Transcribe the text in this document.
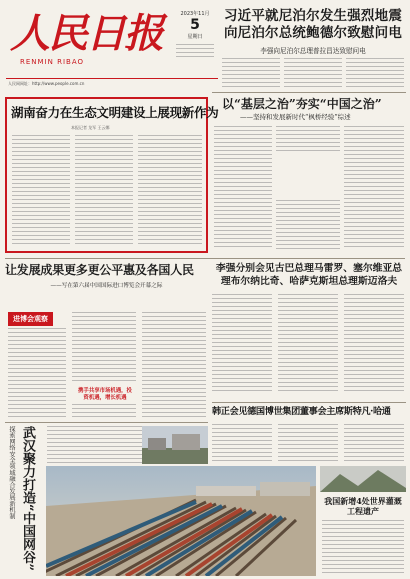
人民日报
RENMIN RIBAO
2023年11月
5
星期日
人民网网址：http://www.people.com.cn
习近平就尼泊尔发生强烈地震向尼泊尔总统鲍德尔致慰问电
李强向尼泊尔总理普拉昌达致慰问电
湖南奋力在生态文明建设上展现新作为
本报记者 龙军 王云娜
以“基层之治”夯实“中国之治”
——坚持和发展新时代“枫桥经验”综述
让发展成果更多更公平惠及各国人民
——写在第六届中国国际进口博览会开幕之际
进博会观察
携手共享市场机遇，投资机遇，增长机遇
李强分别会见古巴总理马雷罗、塞尔维亚总理布尔纳比奇、哈萨克斯坦总理斯迈洛夫
韩正会见德国博世集团董事会主席斯特凡·哈通
探索网络安全领域融合发展新机制 武汉聚力打造“中国网谷”	我国新增4处世界灌溉工程遗产
